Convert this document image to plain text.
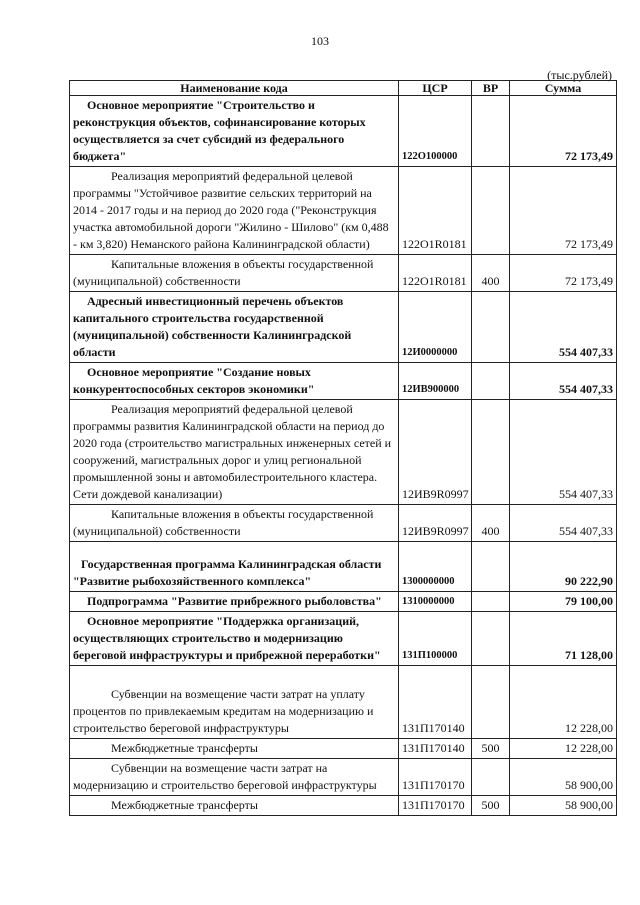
103
(тыс.рублей)
Наименование кода	ЦСР	ВР	Сумма
Основное мероприятие "Строительство и реконструкция объектов, софинансирование которых осуществляется за счет субсидий из федерального бюджета"	122O100000		72 173,49
Реализация мероприятий федеральной целевой программы "Устойчивое развитие сельских территорий на 2014 - 2017 годы и на период до 2020 года ("Реконструкция участка автомобильной дороги "Жилино - Шилово" (км 0,488 - км 3,820) Неманского района Калининградской области)	122O1R0181		72 173,49
Капитальные вложения в объекты государственной (муниципальной) собственности	122O1R0181	400	72 173,49
Адресный инвестиционный перечень объектов капитального строительства государственной (муниципальной) собственности Калининградской области	12И0000000		554 407,33
Основное мероприятие "Создание новых конкурентоспособных секторов экономики"	12ИВ900000		554 407,33
Реализация мероприятий федеральной целевой программы развития Калининградской области на период до 2020 года (строительство магистральных инженерных сетей и сооружений, магистральных дорог и улиц региональной промышленной зоны и автомобилестроительного кластера. Сети дождевой канализации)	12ИВ9R0997		554 407,33
Капитальные вложения в объекты государственной (муниципальной) собственности	12ИВ9R0997	400	554 407,33
Государственная программа Калининградская области "Развитие рыбохозяйственного комплекса"	1300000000		90 222,90
Подпрограмма "Развитие прибрежного рыболовства"	1310000000		79 100,00
Основное мероприятие "Поддержка организаций, осуществляющих строительство и модернизацию береговой инфраструктуры и прибрежной переработки"	131П100000		71 128,00
Субвенции на возмещение части затрат на уплату процентов по привлекаемым кредитам на модернизацию и строительство береговой инфраструктуры	131П170140		12 228,00
Межбюджетные трансферты	131П170140	500	12 228,00
Субвенции на возмещение части затрат на модернизацию и строительство береговой инфраструктуры	131П170170		58 900,00
Межбюджетные трансферты	131П170170	500	58 900,00
